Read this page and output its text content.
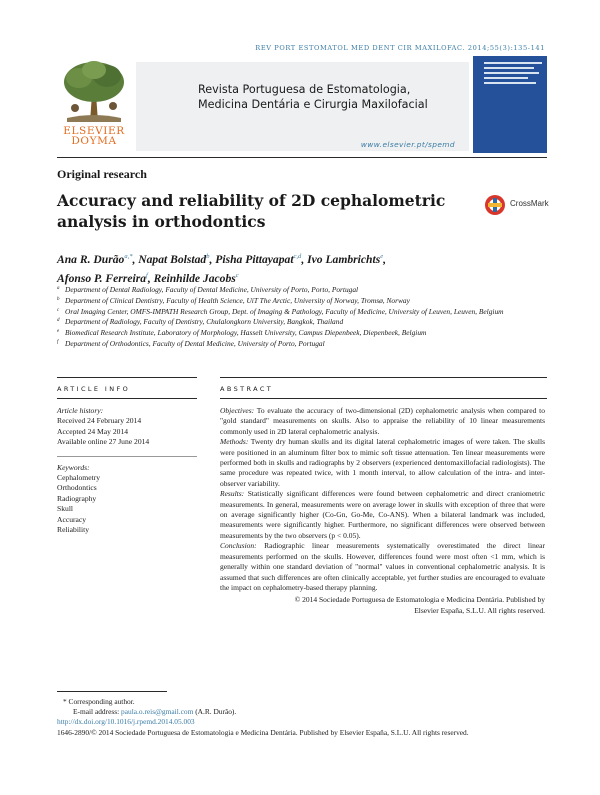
REV PORT ESTOMATOL MED DENT CIR MAXILOFAC. 2014;55(3):135-141
ELSEVIER DOYMA
Revista Portuguesa de Estomatologia,
Medicina Dentária e Cirurgia Maxilofacial
www.elsevier.pt/spemd
Original research
Accuracy and reliability of 2D cephalometric
analysis in orthodontics
CrossMark
Ana R. Durão$^{a,*}$, Napat Bolstad$^b$, Pisha Pittayapat$^{c,d}$, Ivo Lambrichts$^e$,
Afonso P. Ferreira$^f$, Reinhilde Jacobs$^c$
a Department of Dental Radiology, Faculty of Dental Medicine, University of Porto, Porto, Portugal
b Department of Clinical Dentistry, Faculty of Health Science, UiT The Arctic, University of Norway, Tromsø, Norway
c Oral Imaging Center, OMFS-IMPATH Research Group, Dept. of Imaging & Pathology, Faculty of Medicine, University of Leuven, Leuven, Belgium
d Department of Radiology, Faculty of Dentistry, Chulalongkorn University, Bangkok, Thailand
e Biomedical Research Institute, Laboratory of Morphology, Hasselt University, Campus Diepenbeek, Diepenbeek, Belgium
f Department of Orthodontics, Faculty of Dental Medicine, University of Porto, Portugal
ARTICLE INFO	ABSTRACT
Article history:
Received 24 February 2014
Accepted 24 May 2014
Available online 27 June 2014
Keywords:
Cephalometry
Orthodontics
Radiography
Skull
Accuracy
Reliability

Objectives: To evaluate the accuracy of two-dimensional (2D) cephalometric analysis when compared to "gold standard" measurements on skulls. Also to appraise the reliability of 10 linear measurements commonly used in 2D lateral cephalometric analysis.

Methods: Twenty dry human skulls and its digital lateral cephalometric images of were taken. The skulls were positioned in an aluminum filter box to mimic soft tissue attenuation. Ten linear measurements were performed both in skulls and radiographs by 2 observers (experienced dentomaxillofacial radiologists). The same procedure was repeated twice, with 1 month interval, to allow calculation of the intra- and inter-observer variability.

Results: Statistically significant differences were found between cephalometric and direct craniometric measurements. In general, measurements were on average lower in skulls with exception of three that were on average significantly higher (Co-Gn, Go-Me, Co-ANS). When a bilateral landmark was included, measurements were significantly higher. Furthermore, no significant differences were observed between measurements by the two observers (p < 0.05).

Conclusion: Radiographic linear measurements systematically overestimated the direct linear measurements performed on the skulls. However, differences found were most often <1 mm, which is generally within one standard deviation of "normal" values in conventional cephalometric analysis. It is assumed that such differences are often clinically acceptable, yet further studies are encouraged to evaluate the impact on cephalometry-based therapy planning.

© 2014 Sociedade Portuguesa de Estomatologia e Medicina Dentária. Published by
Elsevier España, S.L.U. All rights reserved.

* Corresponding author.
E-mail address: paula.o.reis@gmail.com (A.R. Durão).
http://dx.doi.org/10.1016/j.rpemd.2014.05.003
1646-2890/© 2014 Sociedade Portuguesa de Estomatologia e Medicina Dentária. Published by Elsevier España, S.L.U. All rights reserved.
